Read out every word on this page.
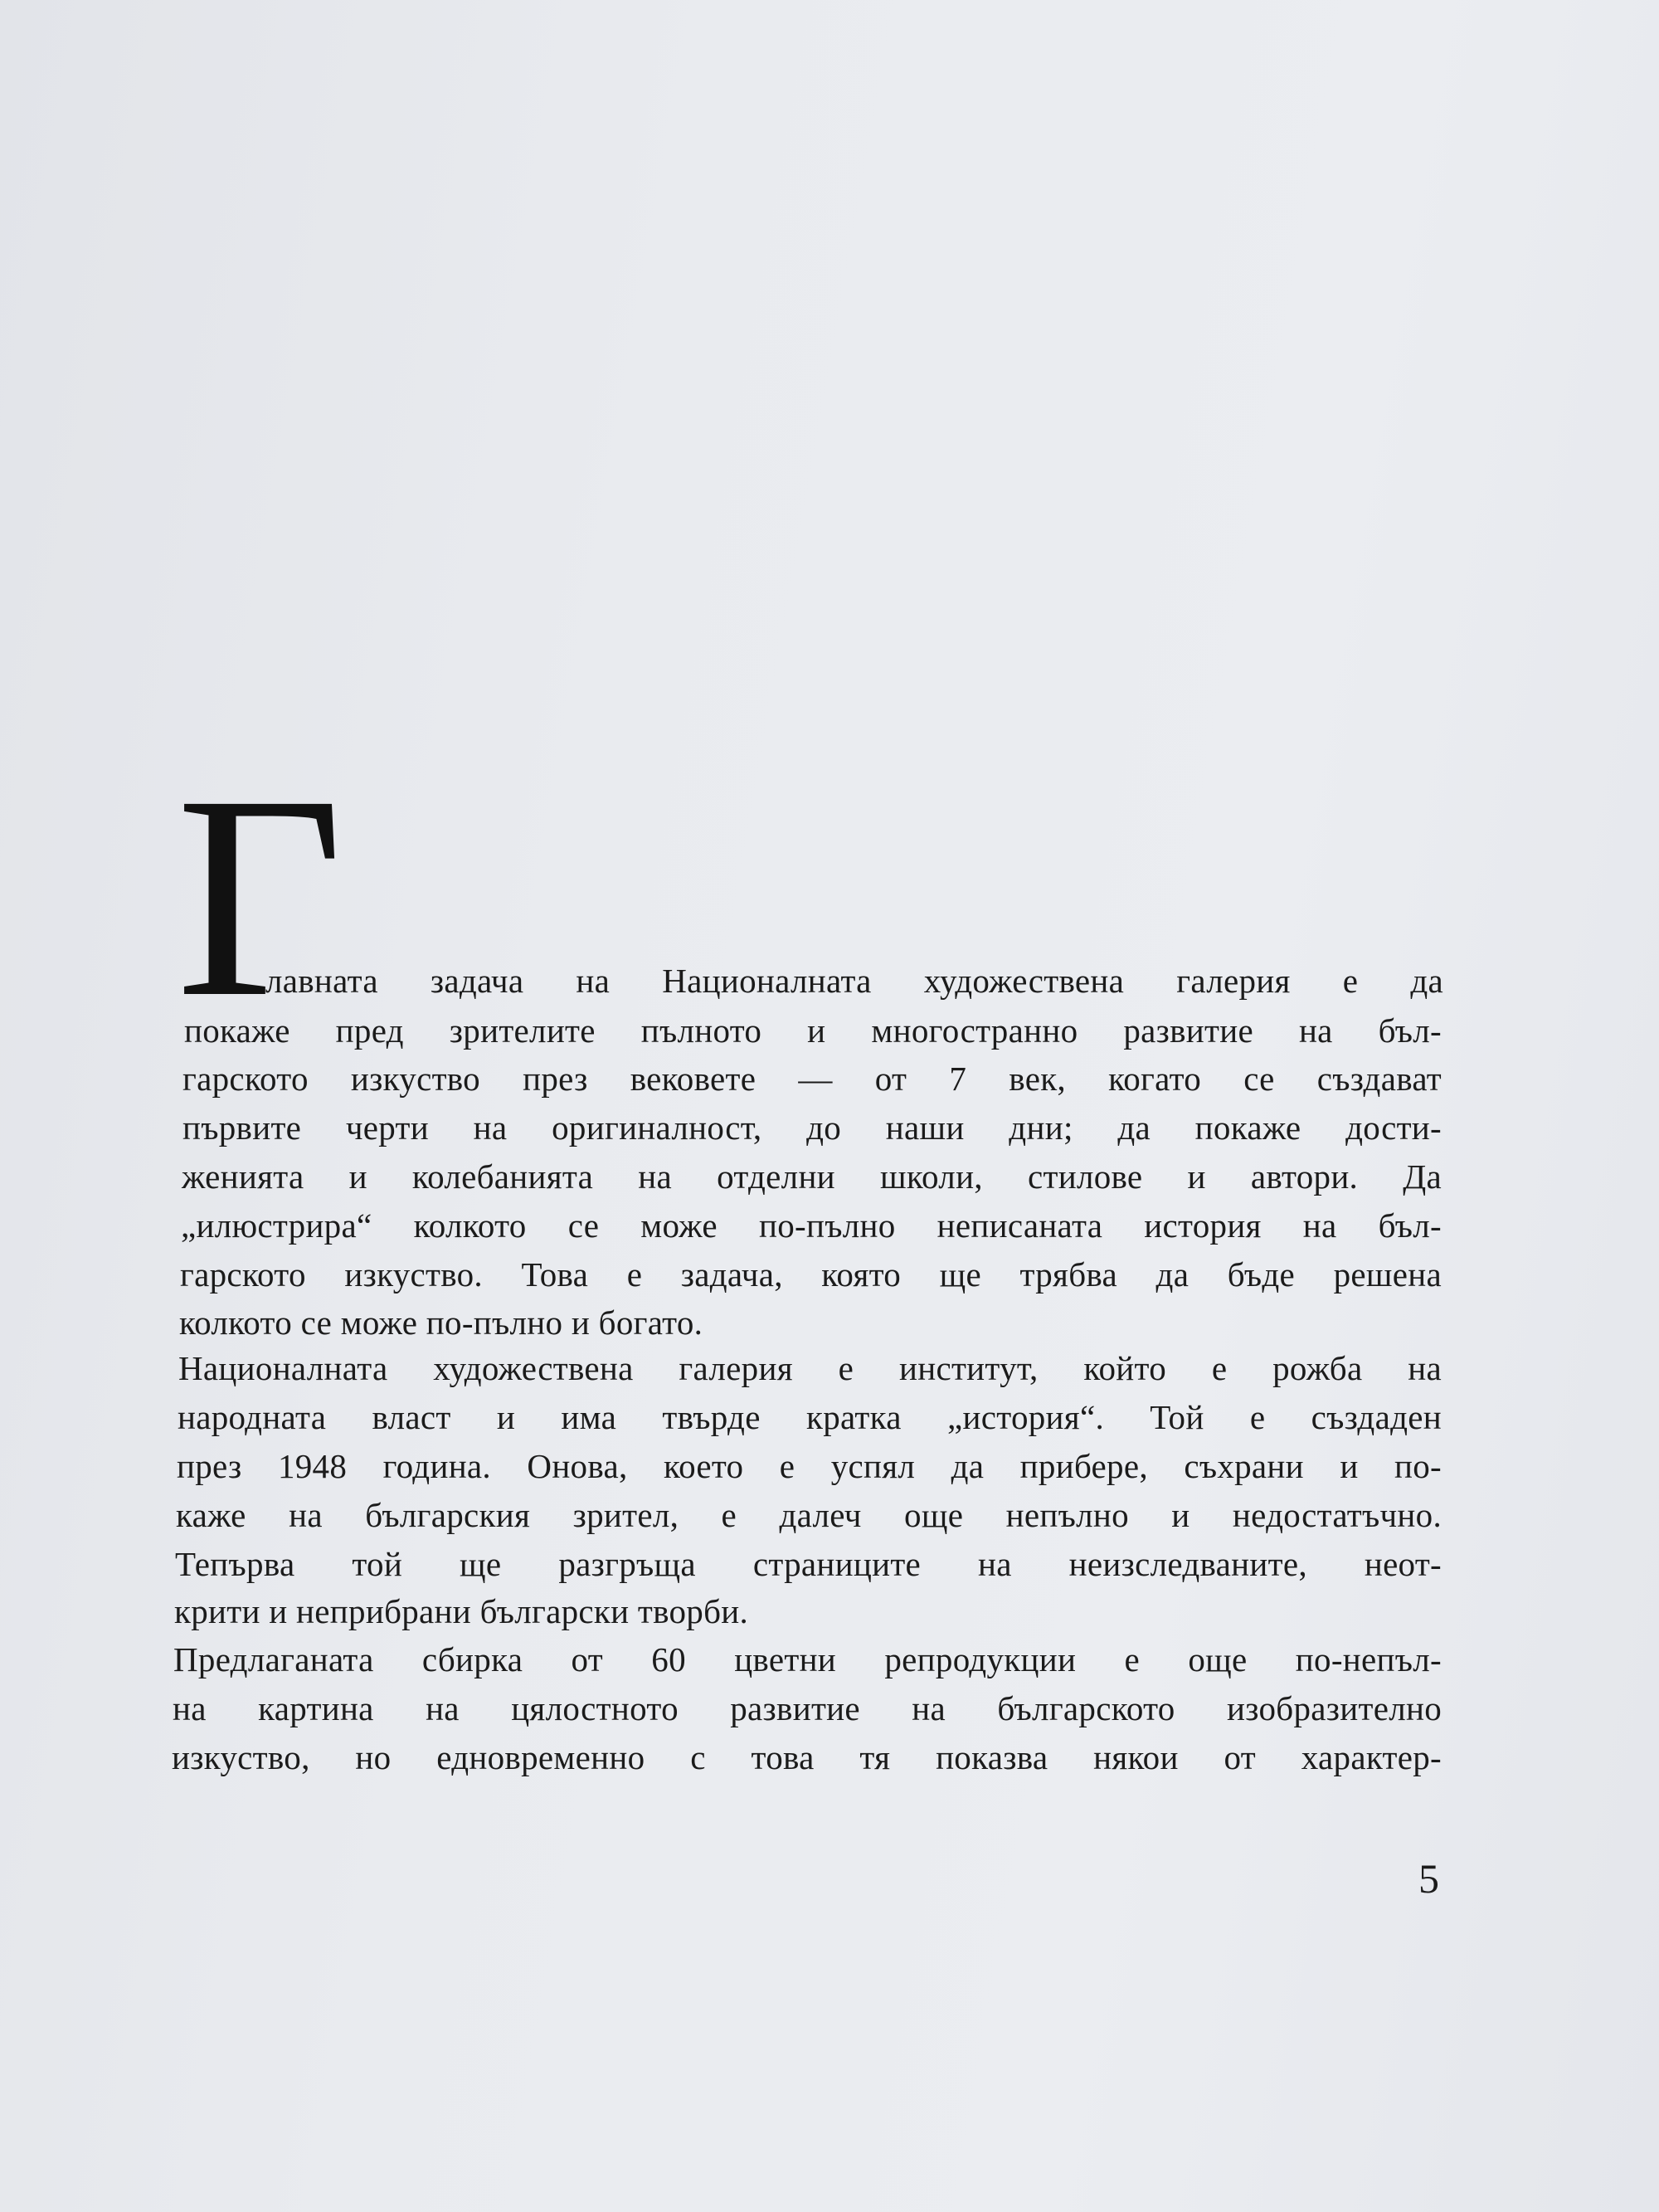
Г
лавната задача на Националната художествена галерия е да
покаже пред зрителите пълното и многостранно развитие на бъл-
гарското изкуство през вековете — от 7 век, когато се създават
първите черти на оригиналност, до наши дни; да покаже дости-
женията и колебанията на отделни школи, стилове и автори. Да
„илюстрира“ колкото се може по-пълно неписаната история на бъл-
гарското изкуство. Това е задача, която ще трябва да бъде решена
колкото се може по-пълно и богато.
Националната художествена галерия е институт, който е рожба на
народната власт и има твърде кратка „история“. Той е създаден
през 1948 година. Онова, което е успял да прибере, съхрани и по-
каже на българския зрител, е далеч още непълно и недостатъчно.
Тепърва той ще разгръща страниците на неизследваните, неот-
крити и неприбрани български творби.
Предлаганата сбирка от 60 цветни репродукции е още по-непъл-
на картина на цялостното развитие на българското изобразително
изкуство, но едновременно с това тя показва някои от характер-
5
